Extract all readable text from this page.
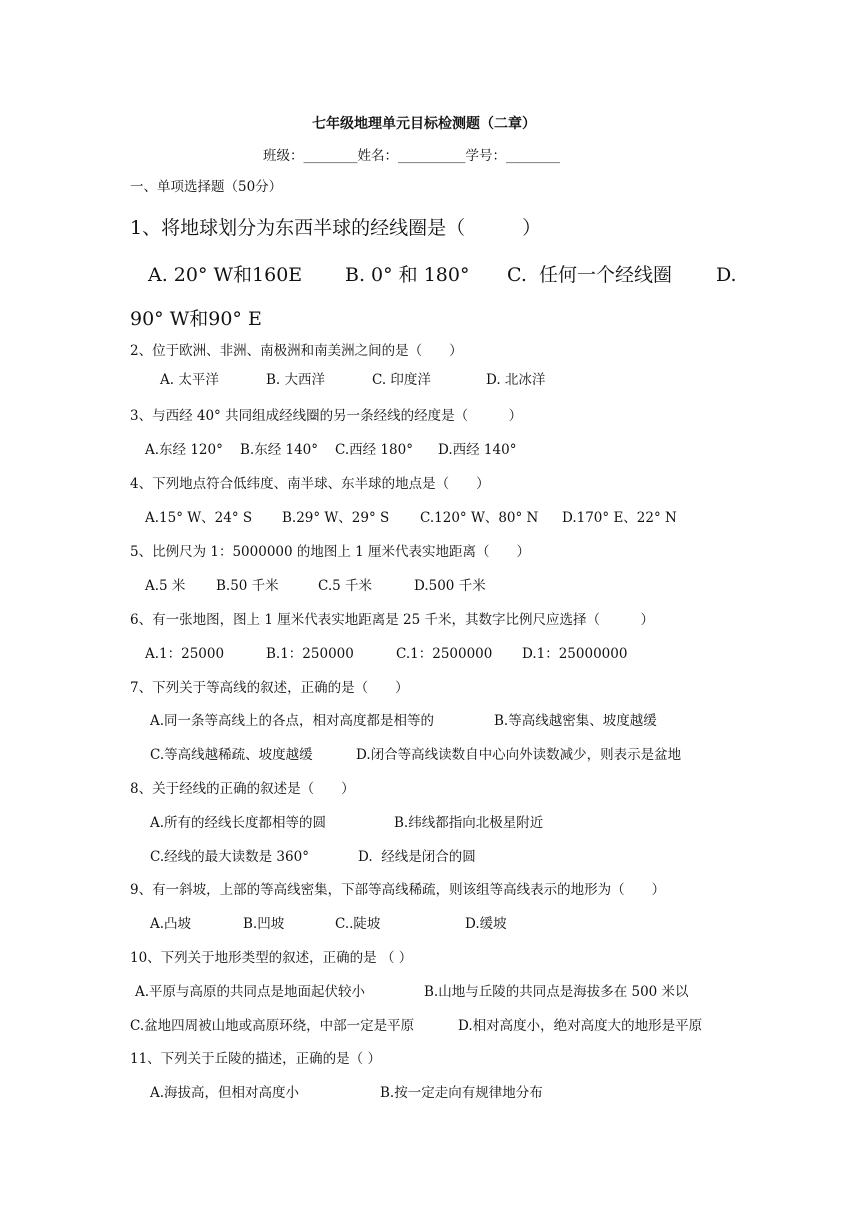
七年级地理单元目标检测题（二章）
班级：________姓名：__________学号：________
一、单项选择题（50分）
1、将地球划分为东西半球的经线圈是（　　　）
A. 20° W和160E B. 0° 和 180° C.  任何一个经线圈 D.
90° W和90° E
2、位于欧洲、非洲、南极洲和南美洲之间的是（　　）
A. 太平洋	B. 大西洋	C. 印度洋	D. 北冰洋
3、与西经 40° 共同组成经线圈的另一条经线的经度是（　　　）
A.东经 120° B.东经 140° C.西经 180° D.西经 140°
4、下列地点符合低纬度、南半球、东半球的地点是（　　）
A.15° W、24° S B.29° W、29° S C.120° W、80° N D.170° E、22° N
5、比例尺为 1：5000000 的地图上 1 厘米代表实地距离（　　）
A.5 米 B.50 千米	C.5 千米	D.500 千米
6、有一张地图，图上 1 厘米代表实地距离是 25 千米，其数字比例尺应选择（　　　）
A.1：25000	B.1：250000	C.1：2500000 D.1：25000000
7、下列关于等高线的叙述，正确的是（　　）
A.同一条等高线上的各点，相对高度都是相等的	B.等高线越密集、坡度越缓
C.等高线越稀疏、坡度越缓	D.闭合等高线读数自中心向外读数减少，则表示是盆地
8、关于经线的正确的叙述是（　　）
A.所有的经线长度都相等的圆	B.纬线都指向北极星附近
C.经线的最大读数是 360°	D.  经线是闭合的圆
9、有一斜坡，上部的等高线密集，下部等高线稀疏，则该组等高线表示的地形为（　　）
A.凸坡	B.凹坡	C..陡坡	D.缓坡
10、下列关于地形类型的叙述，正确的是 （ ）
A.平原与高原的共同点是地面起伏较小	B.山地与丘陵的共同点是海拔多在 500 米以
C.盆地四周被山地或高原环绕，中部一定是平原	D.相对高度小，绝对高度大的地形是平原
11、下列关于丘陵的描述，正确的是（ ）
A.海拔高，但相对高度小	B.按一定走向有规律地分布
